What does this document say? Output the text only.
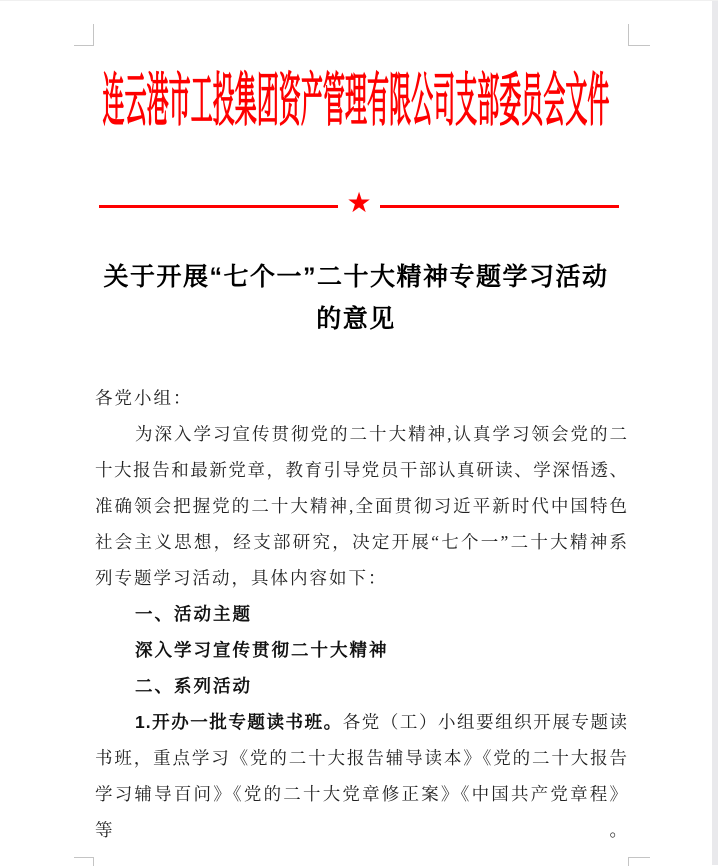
连云港市工投集团资产管理有限公司支部委员会文件
★
关于开展“七个一”二十大精神专题学习活动
的意见
各党小组：
为深入学习宣传贯彻党的二十大精神,认真学习领会党的二
十大报告和最新党章，教育引导党员干部认真研读、学深悟透、
准确领会把握党的二十大精神,全面贯彻习近平新时代中国特色
社会主义思想，经支部研究，决定开展“七个一”二十大精神系
列专题学习活动，具体内容如下：
一、活动主题
深入学习宣传贯彻二十大精神
二、系列活动
1.开办一批专题读书班。各党（工）小组要组织开展专题读
书班，重点学习《党的二十大报告辅导读本》《党的二十大报告
学习辅导百问》《党的二十大党章修正案》《中国共产党章程》等。
